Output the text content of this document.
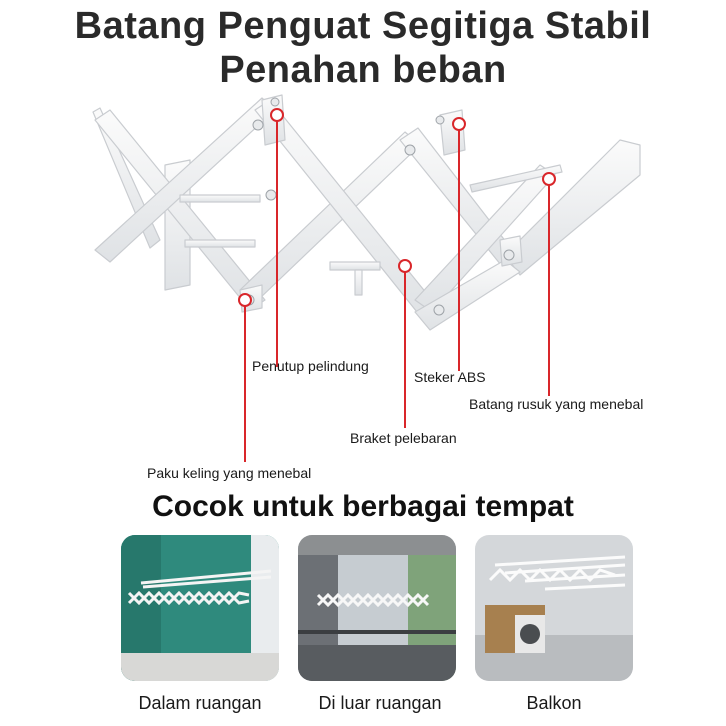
Batang Penguat Segitiga Stabil
Penahan beban
Penutup pelindung
Steker ABS
Batang rusuk yang menebal
Braket pelebaran
Paku keling yang menebal
Cocok untuk berbagai tempat
Dalam ruangan	Di luar ruangan	Balkon
